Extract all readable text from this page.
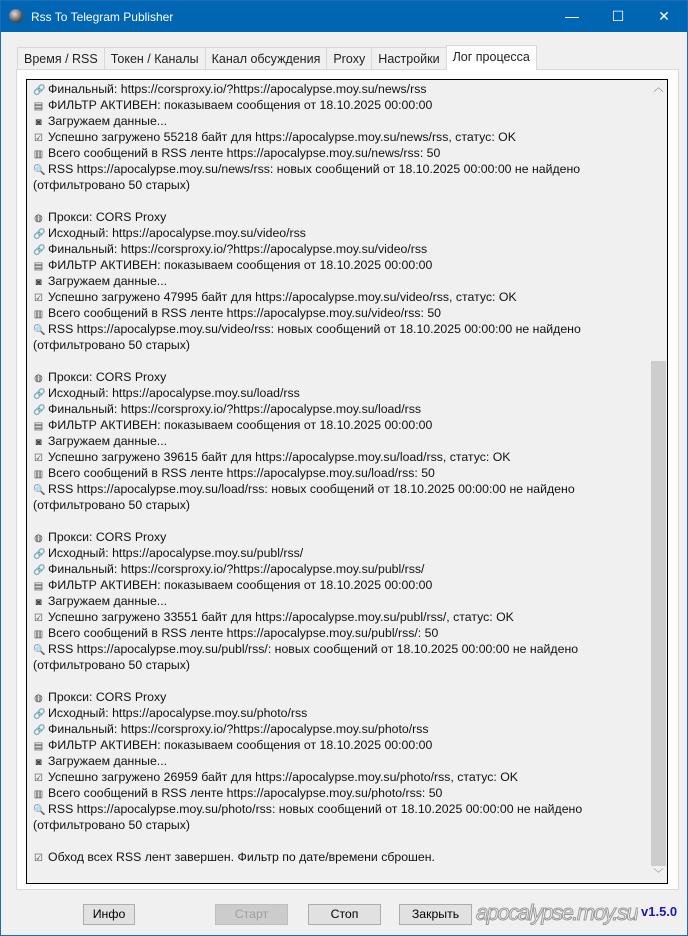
Rss To Telegram Publisher	—	☐	✕
Время / RSS	Токен / Каналы	Канал обсуждения	Proxy	Настройки	Лог процесса
🔗 Финальный: https://corsproxy.io/?https://apocalypse.moy.su/news/rss
▤ ФИЛЬТР АКТИВЕН: показываем сообщения от 18.10.2025 00:00:00
◙ Загружаем данные...
☑ Успешно загружено 55218 байт для https://apocalypse.moy.su/news/rss, статус: OK
▥ Всего сообщений в RSS ленте https://apocalypse.moy.su/news/rss: 50
🔍 RSS https://apocalypse.moy.su/news/rss: новых сообщений от 18.10.2025 00:00:00 не найдено
(отфильтровано 50 старых)
◍ Прокси: CORS Proxy
🔗 Исходный: https://apocalypse.moy.su/video/rss
🔗 Финальный: https://corsproxy.io/?https://apocalypse.moy.su/video/rss
▤ ФИЛЬТР АКТИВЕН: показываем сообщения от 18.10.2025 00:00:00
◙ Загружаем данные...
☑ Успешно загружено 47995 байт для https://apocalypse.moy.su/video/rss, статус: OK
▥ Всего сообщений в RSS ленте https://apocalypse.moy.su/video/rss: 50
🔍 RSS https://apocalypse.moy.su/video/rss: новых сообщений от 18.10.2025 00:00:00 не найдено
(отфильтровано 50 старых)
◍ Прокси: CORS Proxy
🔗 Исходный: https://apocalypse.moy.su/load/rss
🔗 Финальный: https://corsproxy.io/?https://apocalypse.moy.su/load/rss
▤ ФИЛЬТР АКТИВЕН: показываем сообщения от 18.10.2025 00:00:00
◙ Загружаем данные...
☑ Успешно загружено 39615 байт для https://apocalypse.moy.su/load/rss, статус: OK
▥ Всего сообщений в RSS ленте https://apocalypse.moy.su/load/rss: 50
🔍 RSS https://apocalypse.moy.su/load/rss: новых сообщений от 18.10.2025 00:00:00 не найдено
(отфильтровано 50 старых)
◍ Прокси: CORS Proxy
🔗 Исходный: https://apocalypse.moy.su/publ/rss/
🔗 Финальный: https://corsproxy.io/?https://apocalypse.moy.su/publ/rss/
▤ ФИЛЬТР АКТИВЕН: показываем сообщения от 18.10.2025 00:00:00
◙ Загружаем данные...
☑ Успешно загружено 33551 байт для https://apocalypse.moy.su/publ/rss/, статус: OK
▥ Всего сообщений в RSS ленте https://apocalypse.moy.su/publ/rss/: 50
🔍 RSS https://apocalypse.moy.su/publ/rss/: новых сообщений от 18.10.2025 00:00:00 не найдено
(отфильтровано 50 старых)
◍ Прокси: CORS Proxy
🔗 Исходный: https://apocalypse.moy.su/photo/rss
🔗 Финальный: https://corsproxy.io/?https://apocalypse.moy.su/photo/rss
▤ ФИЛЬТР АКТИВЕН: показываем сообщения от 18.10.2025 00:00:00
◙ Загружаем данные...
☑ Успешно загружено 26959 байт для https://apocalypse.moy.su/photo/rss, статус: OK
▥ Всего сообщений в RSS ленте https://apocalypse.moy.su/photo/rss: 50
🔍 RSS https://apocalypse.moy.su/photo/rss: новых сообщений от 18.10.2025 00:00:00 не найдено
(отфильтровано 50 старых)
☑ Обход всех RSS лент завершен. Фильтр по дате/времени сброшен.
︿
﹀
Инфо	Старт	Стоп	Закрыть apocalypse.moy.su v1.5.0
